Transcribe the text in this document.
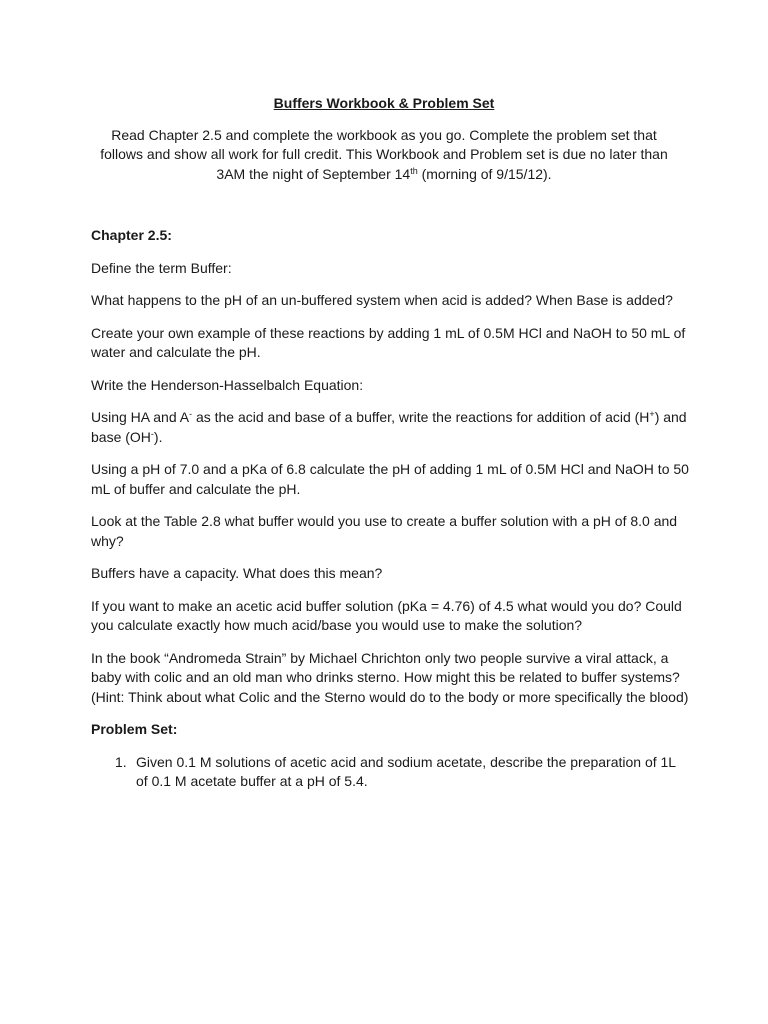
Buffers Workbook & Problem Set
Read Chapter 2.5 and complete the workbook as you go. Complete the problem set that follows and show all work for full credit. This Workbook and Problem set is due no later than 3AM the night of September 14th (morning of 9/15/12).
Chapter 2.5:

Define the term Buffer:

What happens to the pH of an un-buffered system when acid is added? When Base is added?

Create your own example of these reactions by adding 1 mL of 0.5M HCl and NaOH to 50 mL of water and calculate the pH.

Write the Henderson-Hasselbalch Equation:

Using HA and A- as the acid and base of a buffer, write the reactions for addition of acid (H+) and base (OH-).

Using a pH of 7.0 and a pKa of 6.8 calculate the pH of adding 1 mL of 0.5M HCl and NaOH to 50 mL of buffer and calculate the pH.

Look at the Table 2.8 what buffer would you use to create a buffer solution with a pH of 8.0 and why?

Buffers have a capacity. What does this mean?

If you want to make an acetic acid buffer solution (pKa = 4.76) of 4.5 what would you do? Could you calculate exactly how much acid/base you would use to make the solution?

In the book “Andromeda Strain” by Michael Chrichton only two people survive a viral attack, a baby with colic and an old man who drinks sterno. How might this be related to buffer systems? (Hint: Think about what Colic and the Sterno would do to the body or more specifically the blood)

Problem Set:
1. Given 0.1 M solutions of acetic acid and sodium acetate, describe the preparation of 1L of 0.1 M acetate buffer at a pH of 5.4.
